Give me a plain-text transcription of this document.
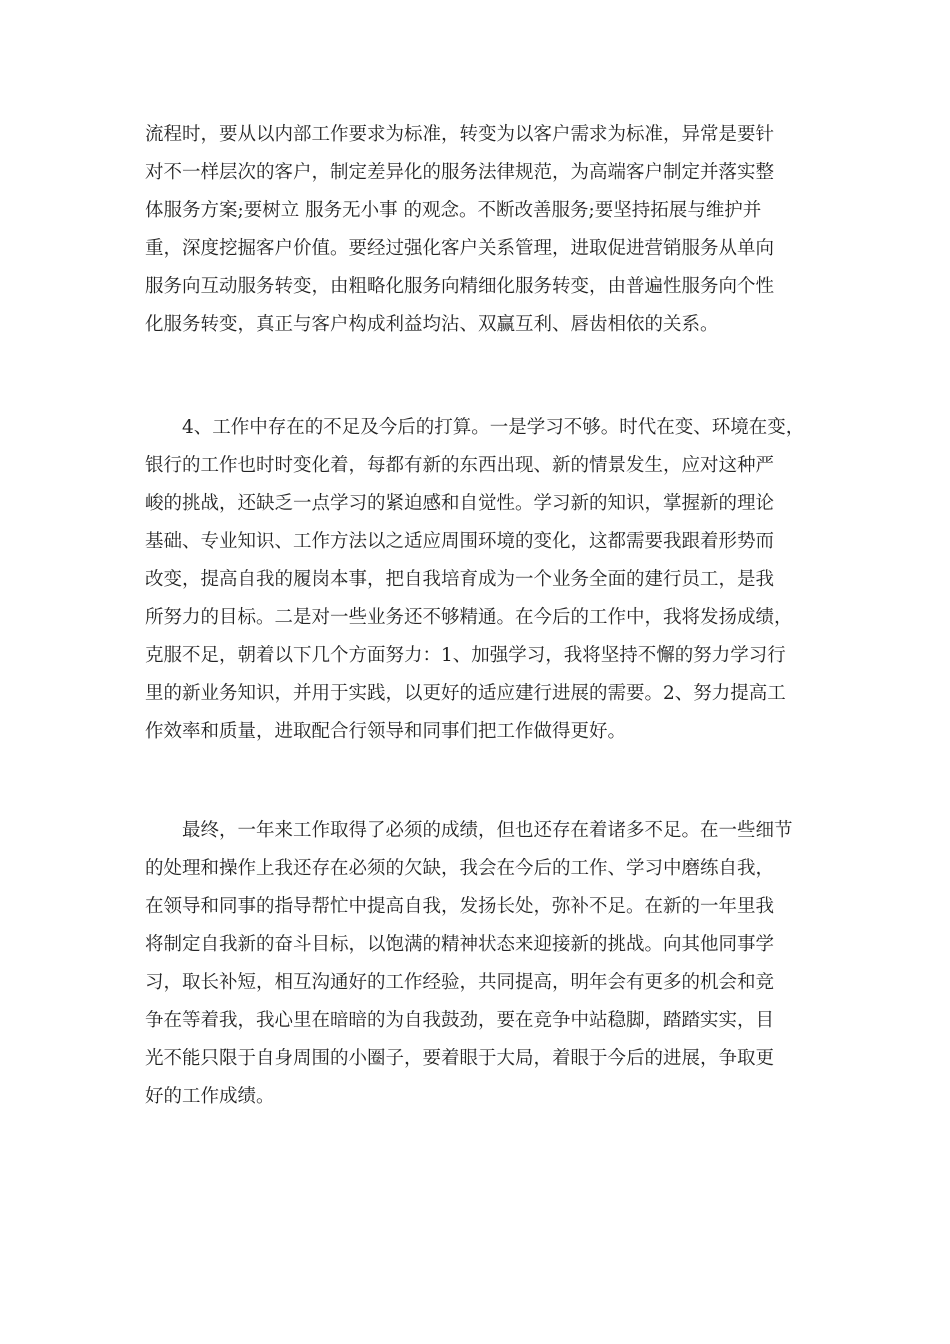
流程时，要从以内部工作要求为标准，转变为以客户需求为标准，异常是要针
对不一样层次的客户，制定差异化的服务法律规范，为高端客户制定并落实整
体服务方案;要树立 服务无小事 的观念。不断改善服务;要坚持拓展与维护并
重，深度挖掘客户价值。要经过强化客户关系管理，进取促进营销服务从单向
服务向互动服务转变，由粗略化服务向精细化服务转变，由普遍性服务向个性
化服务转变，真正与客户构成利益均沾、双赢互利、唇齿相依的关系。

　　4、工作中存在的不足及今后的打算。一是学习不够。时代在变、环境在变，
银行的工作也时时变化着，每都有新的东西出现、新的情景发生，应对这种严
峻的挑战，还缺乏一点学习的紧迫感和自觉性。学习新的知识，掌握新的理论
基础、专业知识、工作方法以之适应周围环境的变化，这都需要我跟着形势而
改变，提高自我的履岗本事，把自我培育成为一个业务全面的建行员工，是我
所努力的目标。二是对一些业务还不够精通。在今后的工作中，我将发扬成绩，
克服不足，朝着以下几个方面努力：1、加强学习，我将坚持不懈的努力学习行
里的新业务知识，并用于实践，以更好的适应建行进展的需要。2、努力提高工
作效率和质量，进取配合行领导和同事们把工作做得更好。

　　最终，一年来工作取得了必须的成绩，但也还存在着诸多不足。在一些细节
的处理和操作上我还存在必须的欠缺，我会在今后的工作、学习中磨练自我，
在领导和同事的指导帮忙中提高自我，发扬长处，弥补不足。在新的一年里我
将制定自我新的奋斗目标，以饱满的精神状态来迎接新的挑战。向其他同事学
习，取长补短，相互沟通好的工作经验，共同提高，明年会有更多的机会和竞
争在等着我，我心里在暗暗的为自我鼓劲，要在竞争中站稳脚，踏踏实实，目
光不能只限于自身周围的小圈子，要着眼于大局，着眼于今后的进展，争取更
好的工作成绩。
